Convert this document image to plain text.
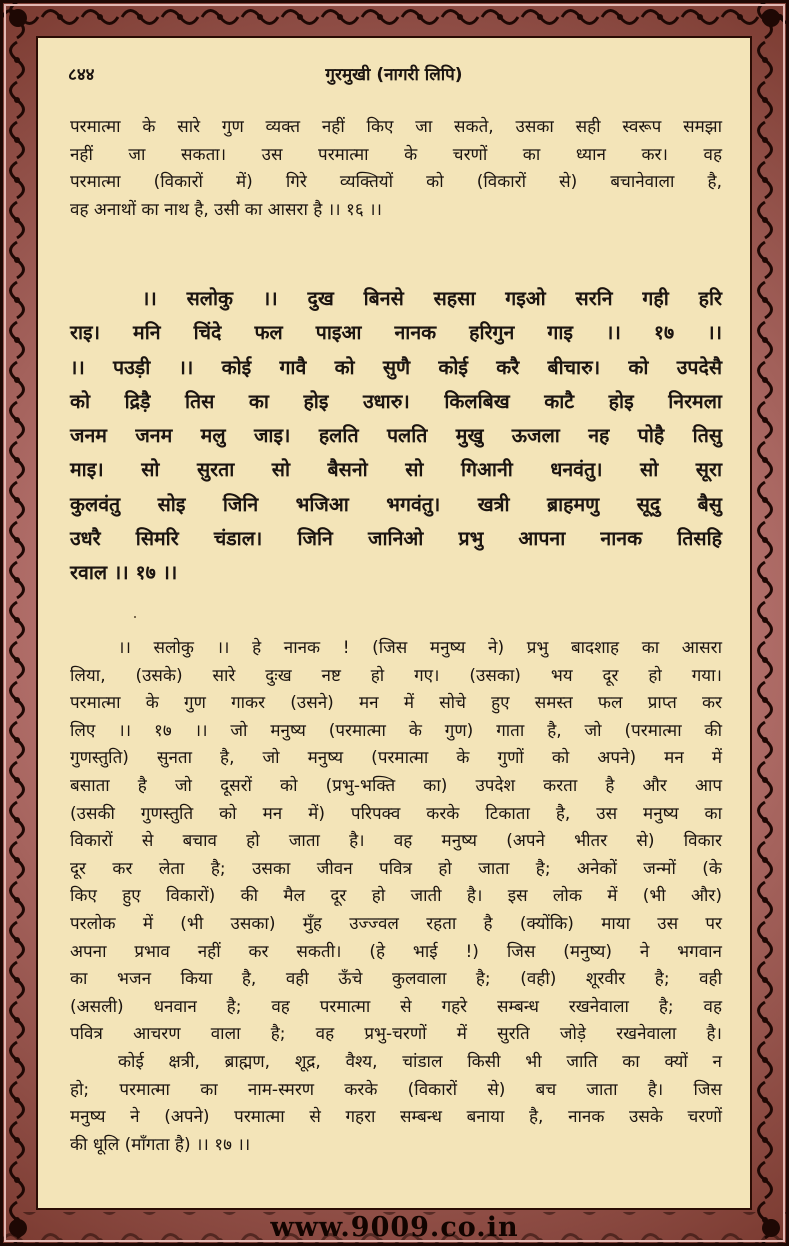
८४४	गुरमुखी (नागरी लिपि)
परमात्मा के सारे गुण व्यक्त नहीं किए जा सकते, उसका सही स्वरूप समझा
नहीं जा सकता। उस परमात्मा के चरणों का ध्यान कर। वह
परमात्मा (विकारों में) गिरे व्यक्तियों को (विकारों से) बचानेवाला है,
वह अनाथों का नाथ है, उसी का आसरा है ।। १६ ।।
।। सलोकु ।। दुख बिनसे सहसा गइओ सरनि गही हरि
राइ। मनि चिंदे फल पाइआ नानक हरिगुन गाइ ।। १७ ।।
।। पउड़ी ।। कोई गावै को सुणै कोई करै बीचारु। को उपदेसै
को द्रिड़ै तिस का होइ उधारु। किलबिख काटै होइ निरमला
जनम जनम मलु जाइ। हलति पलति मुखु ऊजला नह पोहै तिसु
माइ। सो सुरता सो बैसनो सो गिआनी धनवंतु। सो सूरा
कुलवंतु सोइ जिनि भजिआ भगवंतु। खत्री ब्राहमणु सूदु बैसु
उधरै सिमरि चंडाल। जिनि जानिओ प्रभु आपना नानक तिसहि
रवाल ।। १७ ।।
।। सलोकु ।। हे नानक ! (जिस मनुष्य ने) प्रभु बादशाह का आसरा
लिया, (उसके) सारे दुःख नष्ट हो गए। (उसका) भय दूर हो गया।
परमात्मा के गुण गाकर (उसने) मन में सोचे हुए समस्त फल प्राप्त कर
लिए ।। १७ ।। जो मनुष्य (परमात्मा के गुण) गाता है, जो (परमात्मा की
गुणस्तुति) सुनता है, जो मनुष्य (परमात्मा के गुणों को अपने) मन में
बसाता है जो दूसरों को (प्रभु-भक्ति का) उपदेश करता है और आप
(उसकी गुणस्तुति को मन में) परिपक्व करके टिकाता है, उस मनुष्य का
विकारों से बचाव हो जाता है। वह मनुष्य (अपने भीतर से) विकार
दूर कर लेता है; उसका जीवन पवित्र हो जाता है; अनेकों जन्मों (के
किए हुए विकारों) की मैल दूर हो जाती है। इस लोक में (भी और)
परलोक में (भी उसका) मुँह उज्ज्वल रहता है (क्योंकि) माया उस पर
अपना प्रभाव नहीं कर सकती। (हे भाई !) जिस (मनुष्य) ने भगवान
का भजन किया है, वही ऊँचे कुलवाला है; (वही) शूरवीर है; वही
(असली) धनवान है; वह परमात्मा से गहरे सम्बन्ध रखनेवाला है; वह
पवित्र आचरण वाला है; वह प्रभु-चरणों में सुरति जोड़े रखनेवाला है।
कोई क्षत्री, ब्राह्मण, शूद्र, वैश्य, चांडाल किसी भी जाति का क्यों न
हो; परमात्मा का नाम-स्मरण करके (विकारों से) बच जाता है। जिस
मनुष्य ने (अपने) परमात्मा से गहरा सम्बन्ध बनाया है, नानक उसके चरणों
की धूलि (माँगता है) ।। १७ ।।
www.9009.co.in
